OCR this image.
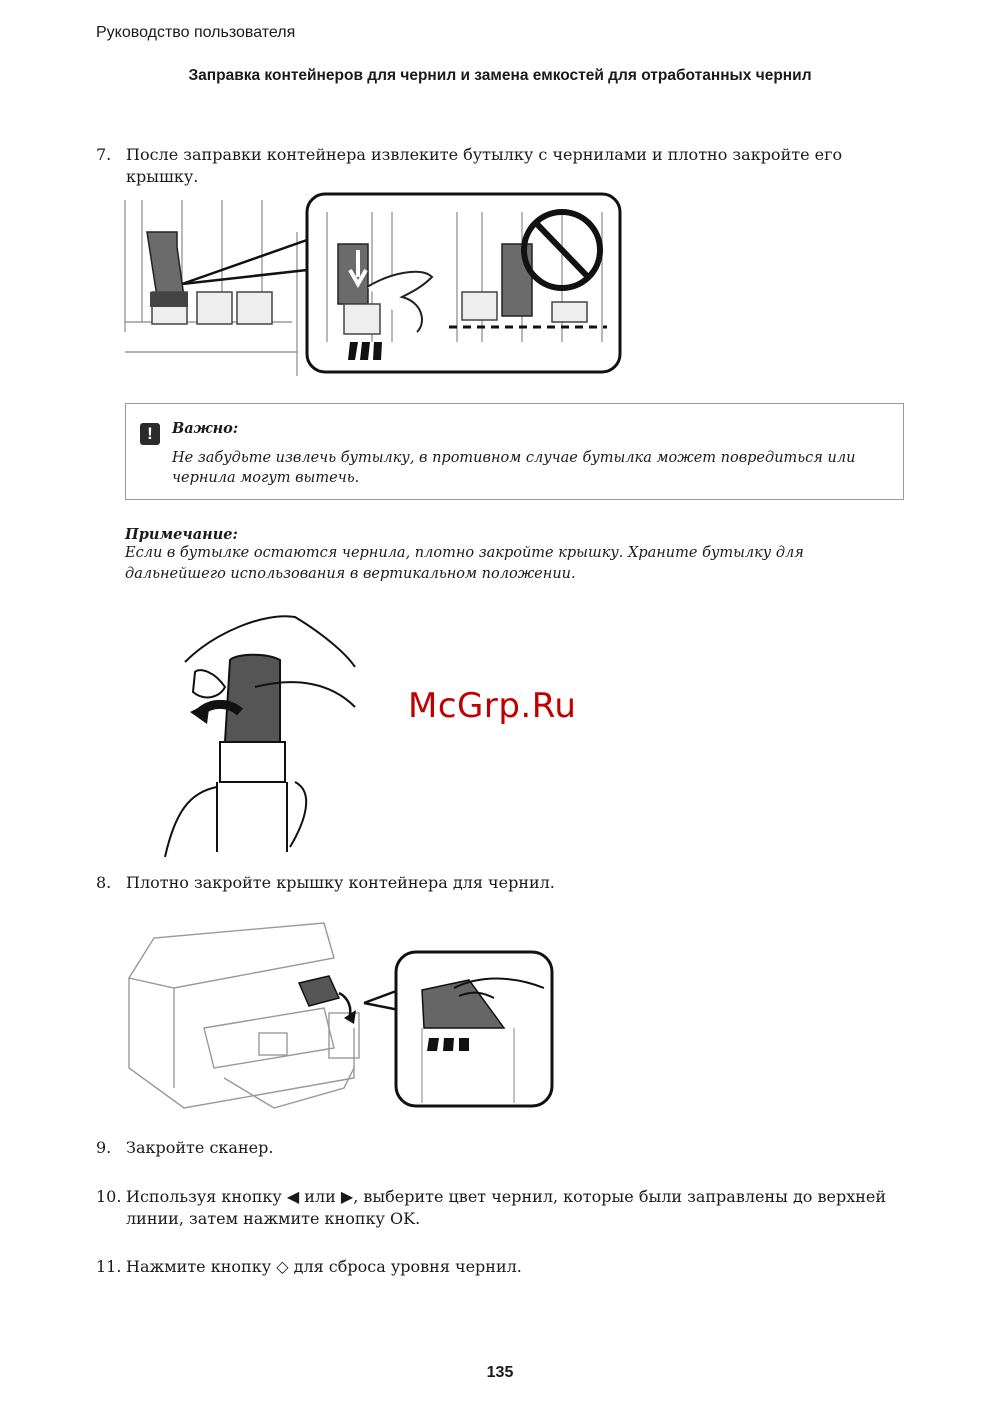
Руководство пользователя
Заправка контейнеров для чернил и замена емкостей для отработанных чернил
7. После заправки контейнера извлеките бутылку с чернилами и плотно закройте его крышку.
!	Важно:
Не забудьте извлечь бутылку, в противном случае бутылка может повредиться или чернила могут вытечь.
Примечание:
Если в бутылке остаются чернила, плотно закройте крышку. Храните бутылку для дальнейшего использования в вертикальном положении.
McGrp.Ru
8. Плотно закройте крышку контейнера для чернил.
9. Закройте сканер.
10. Используя кнопку ◀ или ▶, выберите цвет чернил, которые были заправлены до верхней линии, затем нажмите кнопку OK.
11. Нажмите кнопку ◇ для сброса уровня чернил.
135
